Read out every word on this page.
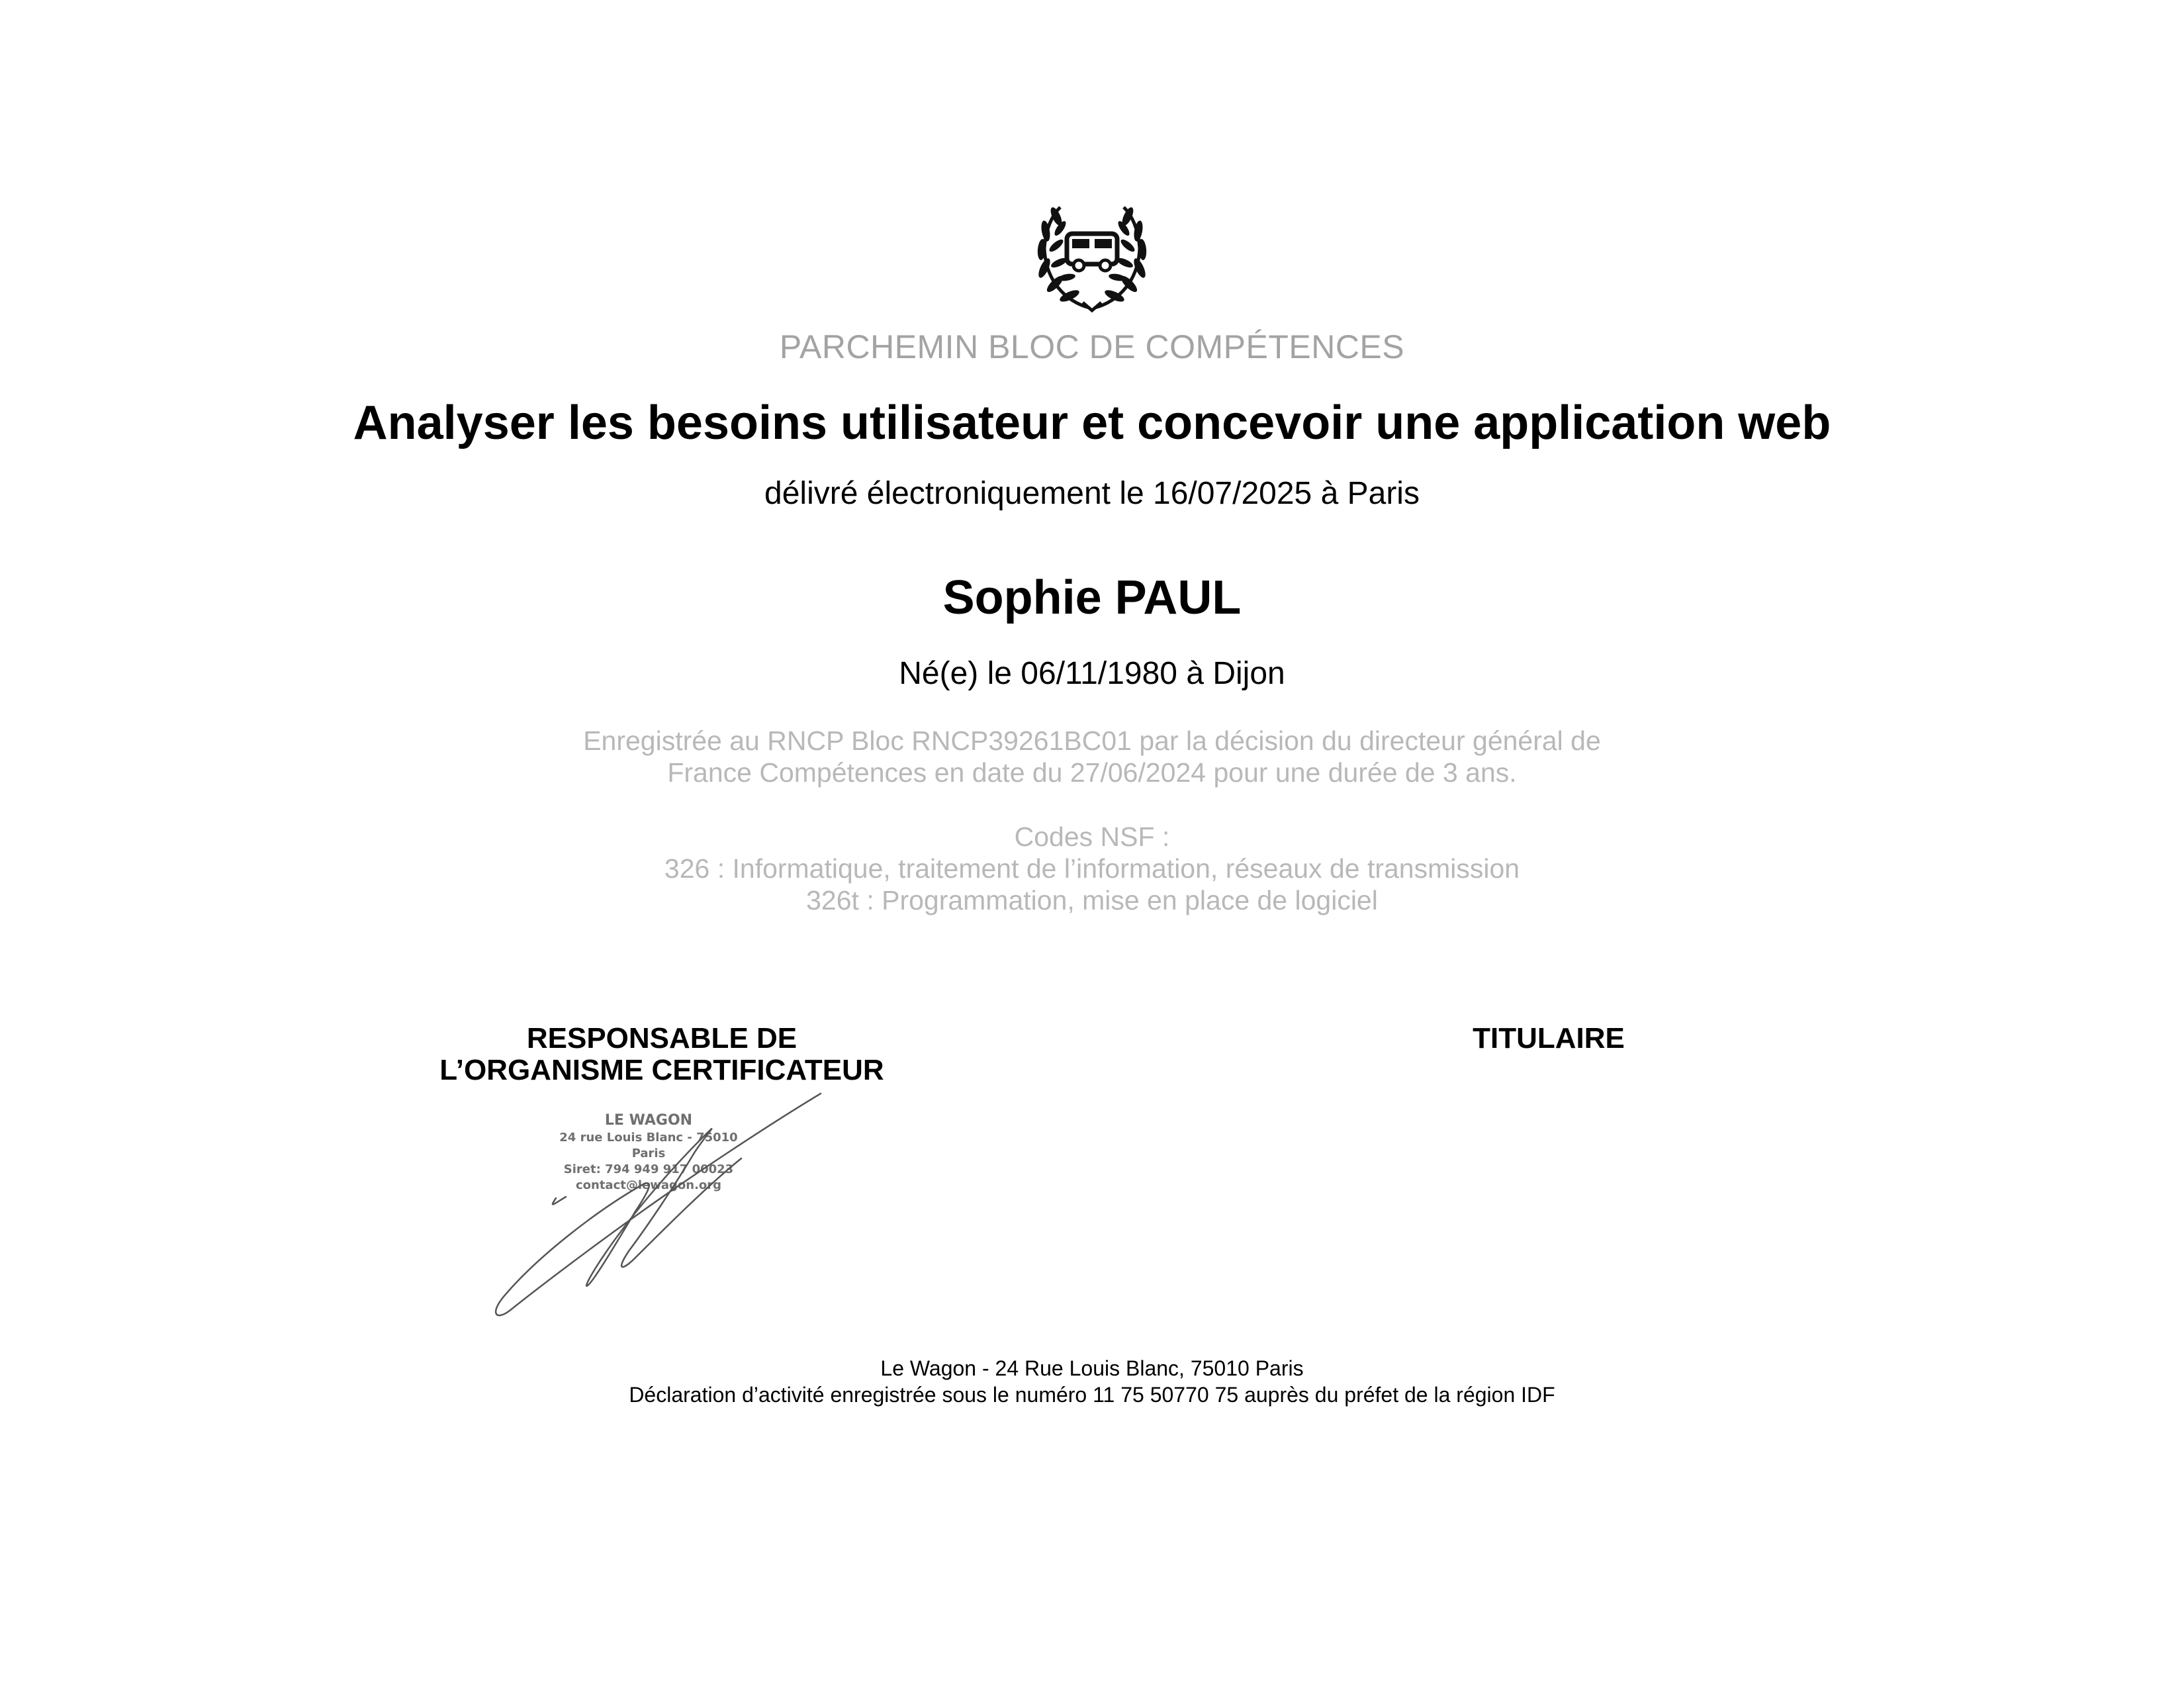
PARCHEMIN BLOC DE COMPÉTENCES
Analyser les besoins utilisateur et concevoir une application web
délivré électroniquement le 16/07/2025 à Paris
Sophie PAUL
Né(e) le 06/11/1980 à Dijon
Enregistrée au RNCP Bloc RNCP39261BC01 par la décision du directeur général de
France Compétences en date du 27/06/2024 pour une durée de 3 ans.
Codes NSF :
326 : Informatique, traitement de l’information, réseaux de transmission
326t : Programmation, mise en place de logiciel
RESPONSABLE DE
L’ORGANISME CERTIFICATEUR
TITULAIRE
LE WAGON
24 rue Louis Blanc - 75010 Paris
Siret: 794 949 917 00023
contact@lewagon.org
Le Wagon - 24 Rue Louis Blanc, 75010 Paris
Déclaration d’activité enregistrée sous le numéro 11 75 50770 75 auprès du préfet de la région IDF
